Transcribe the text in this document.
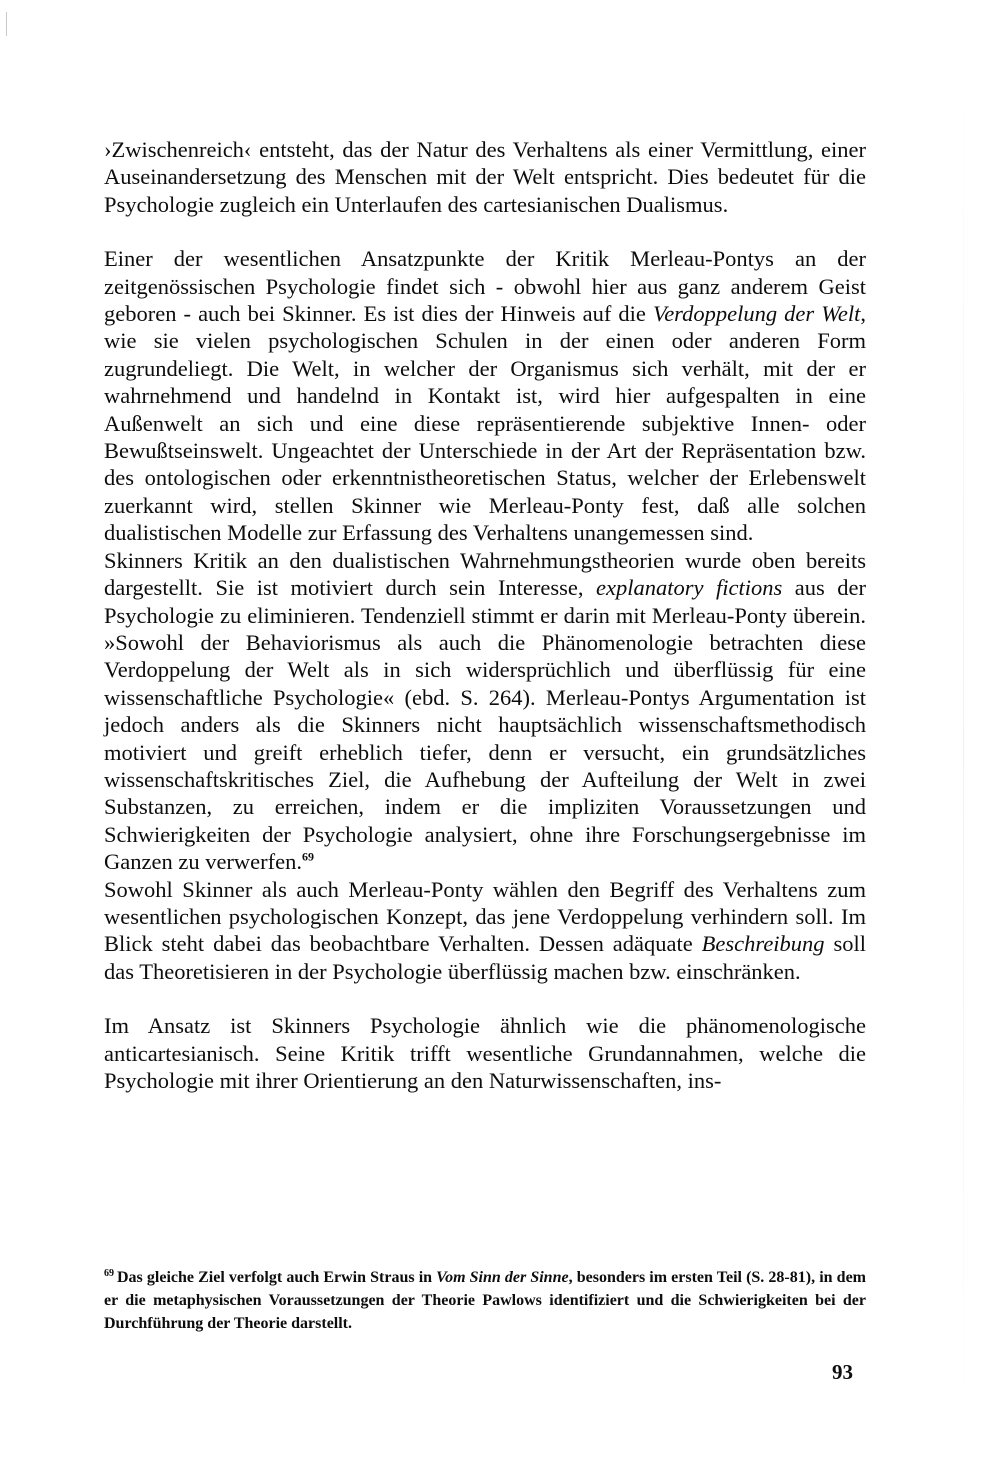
›Zwischenreich‹ entsteht, das der Natur des Verhaltens als einer Vermittlung, einer Auseinandersetzung des Menschen mit der Welt entspricht. Dies bedeutet für die Psychologie zugleich ein Unterlaufen des cartesianischen Dualismus.

Einer der wesentlichen Ansatzpunkte der Kritik Merleau-Pontys an der zeitgenössischen Psychologie findet sich - obwohl hier aus ganz anderem Geist geboren - auch bei Skinner. Es ist dies der Hinweis auf die Verdoppelung der Welt, wie sie vielen psychologischen Schulen in der einen oder anderen Form zugrundeliegt. Die Welt, in welcher der Organismus sich verhält, mit der er wahrnehmend und handelnd in Kontakt ist, wird hier aufgespalten in eine Außenwelt an sich und eine diese repräsentierende subjektive Innen- oder Bewußtseinswelt. Ungeachtet der Unterschiede in der Art der Repräsentation bzw. des ontologischen oder erkenntnistheoretischen Status, welcher der Erlebenswelt zuerkannt wird, stellen Skinner wie Merleau-Ponty fest, daß alle solchen dualistischen Modelle zur Erfassung des Verhaltens unangemessen sind.

Skinners Kritik an den dualistischen Wahrnehmungstheorien wurde oben bereits dargestellt. Sie ist motiviert durch sein Interesse, explanatory fictions aus der Psychologie zu eliminieren. Tendenziell stimmt er darin mit Merleau-Ponty überein. »Sowohl der Behaviorismus als auch die Phänomenologie betrachten diese Verdoppelung der Welt als in sich widersprüchlich und überflüssig für eine wissenschaftliche Psychologie« (ebd. S. 264). Merleau-Pontys Argumentation ist jedoch anders als die Skinners nicht hauptsächlich wissenschaftsmethodisch motiviert und greift erheblich tiefer, denn er versucht, ein grundsätzliches wissenschaftskritisches Ziel, die Aufhebung der Aufteilung der Welt in zwei Substanzen, zu erreichen, indem er die impliziten Voraussetzungen und Schwierigkeiten der Psychologie analysiert, ohne ihre Forschungsergebnisse im Ganzen zu verwerfen.$^{69}$

Sowohl Skinner als auch Merleau-Ponty wählen den Begriff des Verhaltens zum wesentlichen psychologischen Konzept, das jene Verdoppelung verhindern soll. Im Blick steht dabei das beobachtbare Verhalten. Dessen adäquate Beschreibung soll das Theoretisieren in der Psychologie überflüssig machen bzw. einschränken.

Im Ansatz ist Skinners Psychologie ähnlich wie die phänomenologische anticartesianisch. Seine Kritik trifft wesentliche Grundannahmen, welche die Psychologie mit ihrer Orientierung an den Naturwissenschaften, ins-

$^{69}$ Das gleiche Ziel verfolgt auch Erwin Straus in Vom Sinn der Sinne, besonders im ersten Teil (S. 28-81), in dem er die metaphysischen Voraussetzungen der Theorie Pawlows identifiziert und die Schwierigkeiten bei der Durchführung der Theorie darstellt.
93
